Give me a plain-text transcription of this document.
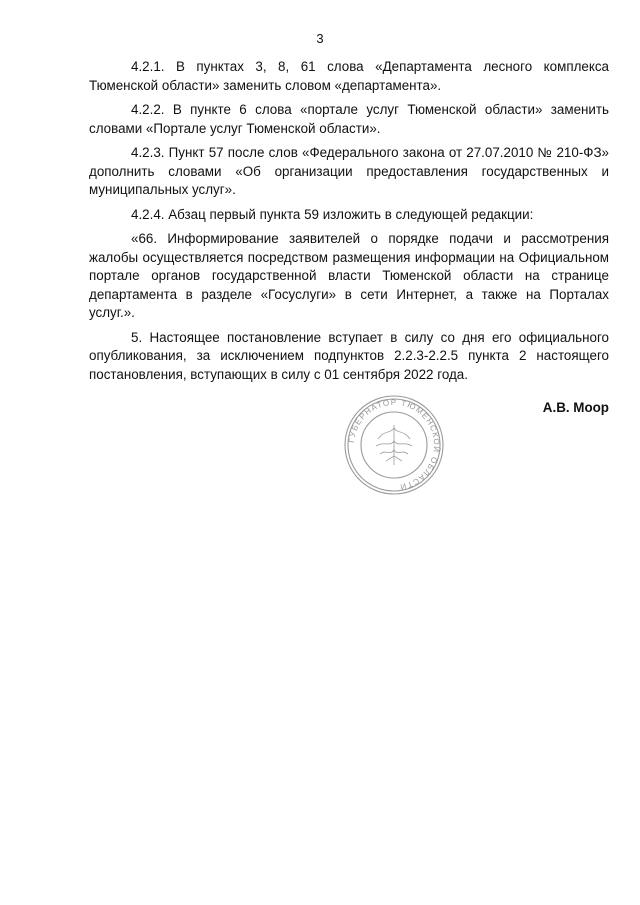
3

4.2.1. В пунктах 3, 8, 61 слова «Департамента лесного комплекса Тюменской области» заменить словом «департамента».

4.2.2. В пункте 6 слова «портале услуг Тюменской области» заменить словами «Портале услуг Тюменской области».

4.2.3. Пункт 57 после слов «Федерального закона от 27.07.2010 № 210-ФЗ» дополнить словами «Об организации предоставления государственных и муниципальных услуг».

4.2.4. Абзац первый пункта 59 изложить в следующей редакции:

«66. Информирование заявителей о порядке подачи и рассмотрения жалобы осуществляется посредством размещения информации на Официальном портале органов государственной власти Тюменской области на странице департамента в разделе «Госуслуги» в сети Интернет, а также на Порталах услуг.».

5. Настоящее постановление вступает в силу со дня его официального опубликования, за исключением подпунктов 2.2.3-2.2.5 пункта 2 настоящего постановления, вступающих в силу с 01 сентября 2022 года.

ГУБЕРНАТОР ТЮМЕНСКОЙ ОБЛАСТИ
А.В. Моор
